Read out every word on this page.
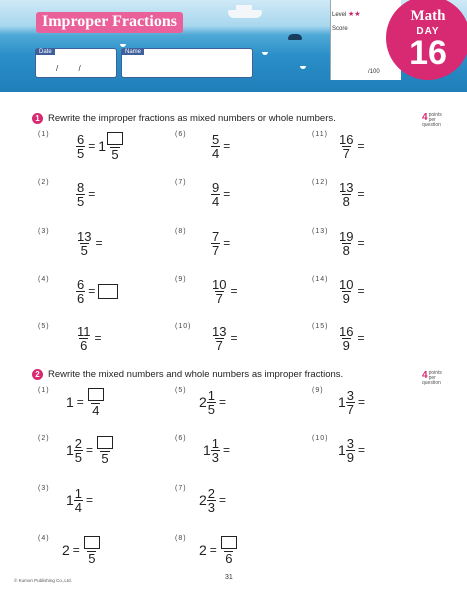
Improper Fractions
Date
/ /
Name
Level ★★
Score
/100
Math
DAY
16
1 Rewrite the improper fractions as mixed numbers or whole numbers.	4 points
per question
$(1) \frac{6}{5} = 1$ 5
$(2) \frac{8}{5}$ =
$(3) \frac{13}{5}$ =
$(4) \frac{6}{6}$ =
$(5) \frac{11}{6}$ =
$(6) \frac{5}{4}$ =
$(7) \frac{9}{4}$ =
$(8) \frac{7}{7}$ =
$(9) \frac{10}{7}$ =
$(10) \frac{13}{7}$ =
$(11) \frac{16}{7}$ =
$(12) \frac{13}{8}$ =
$(13) \frac{19}{8}$ =
$(14) \frac{10}{9}$ =
$(15) \frac{16}{9}$ =
2 Rewrite the mixed numbers and whole numbers as improper fractions.	4 points
per question
(1)
1 =
4
(2)
$1 \frac{2}{5}$ =
5
(3)
$1 \frac{1}{4}$ =
(4)
2 =
5
(5)
$2 \frac{1}{5}$ =
(6)
$1 \frac{1}{3}$ =
(7)
$2 \frac{2}{3}$ =
(8)
2 =
6
(9)
$1 \frac{3}{7}$ =
(10)
$1 \frac{3}{9}$ =
© Kumon Publishing Co.,Ltd.	31
